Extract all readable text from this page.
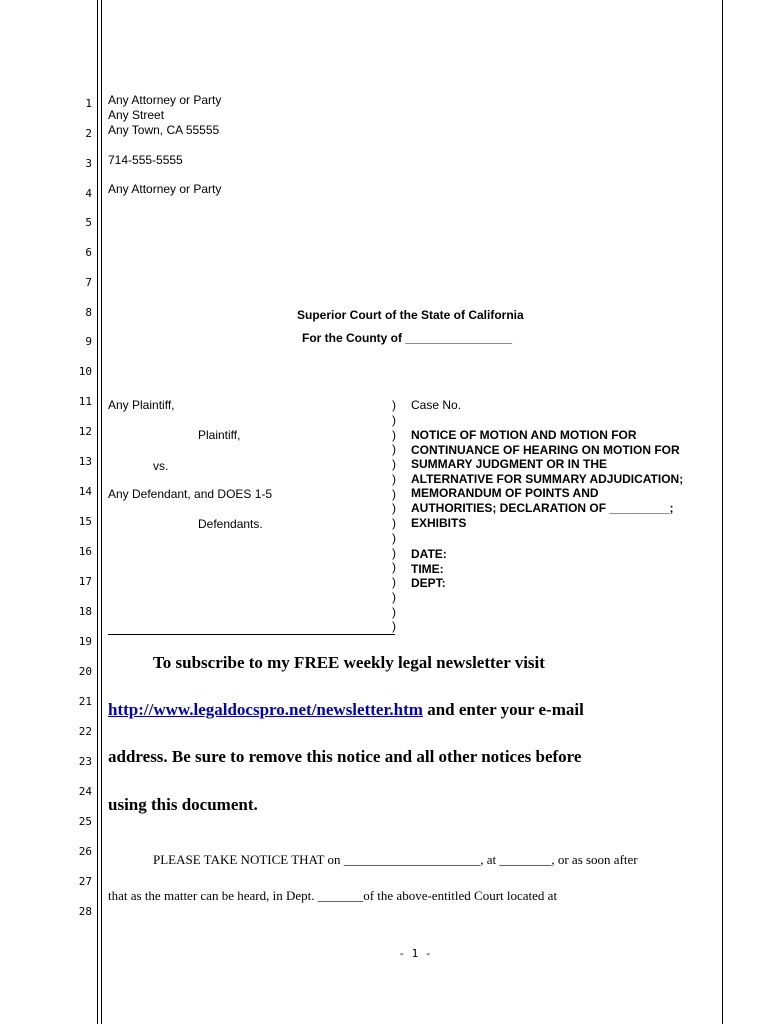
1
2
3
4
5
6
7
8
9
10
11
12
13
14
15
16
17
18
19
20
21
22
23
24
25
26
27
28
Any Attorney or Party
Any Street
Any Town, CA 55555
714-555-5555
Any Attorney or Party
Superior Court of the State of California
For the County of ________________
Any Plaintiff,
Plaintiff,
vs.
Any Defendant, and DOES 1-5
Defendants.
)
)
)
)
)
)
)
)
)
)
)
)
)
)
)
)
Case No.
NOTICE OF MOTION AND MOTION FOR
CONTINUANCE OF HEARING ON MOTION FOR
SUMMARY JUDGMENT OR IN THE
ALTERNATIVE FOR SUMMARY ADJUDICATION;
MEMORANDUM OF POINTS AND
AUTHORITIES; DECLARATION OF _________;
EXHIBITS
DATE:
TIME:
DEPT:
To subscribe to my FREE weekly legal newsletter visit
http://www.legaldocspro.net/newsletter.htm and enter your e-mail
address. Be sure to remove this notice and all other notices before
using this document.
PLEASE TAKE NOTICE THAT on _____________________, at ________, or as soon after
that as the matter can be heard, in Dept. _______of the above-entitled Court located at
- 1 -
